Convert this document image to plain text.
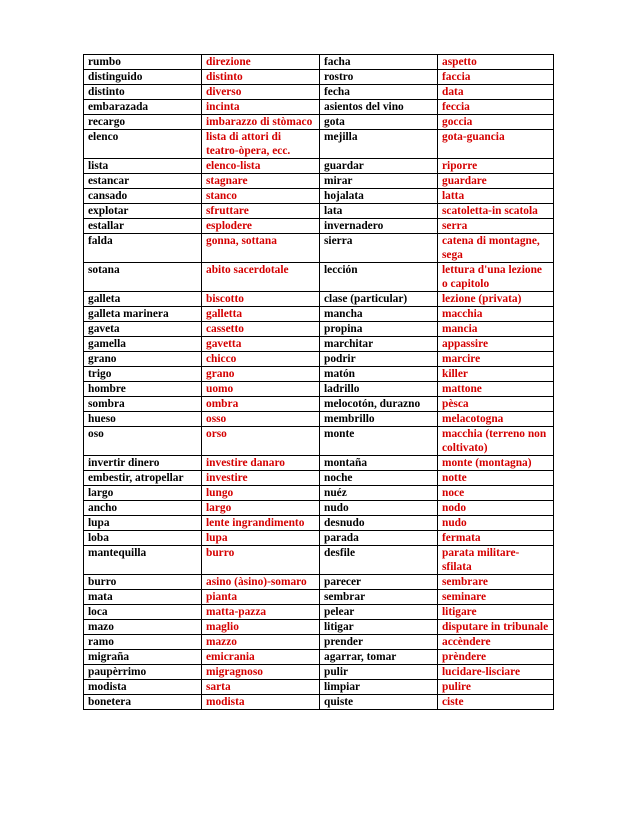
rumbo	direzione	facha	aspetto
distinguido	distinto	rostro	faccia
distinto	diverso	fecha	data
embarazada	incinta	asientos del vino	feccia
recargo	imbarazzo di stòmaco	gota	goccia
elenco	lista di attori di teatro-òpera, ecc.	mejilla	gota-guancia
lista	elenco-lista	guardar	riporre
estancar	stagnare	mirar	guardare
cansado	stanco	hojalata	latta
explotar	sfruttare	lata	scatoletta-in scatola
estallar	esplodere	invernadero	serra
falda	gonna, sottana	sierra	catena di montagne, sega
sotana	abito sacerdotale	lección	lettura d'una lezione o capitolo
galleta	biscotto	clase (particular)	lezione (privata)
galleta marinera	galletta	mancha	macchia
gaveta	cassetto	propina	mancia
gamella	gavetta	marchitar	appassire
grano	chicco	podrir	marcire
trigo	grano	matón	killer
hombre	uomo	ladrillo	mattone
sombra	ombra	melocotón, durazno	pèsca
hueso	osso	membrillo	melacotogna
oso	orso	monte	macchia (terreno non coltivato)
invertir dinero	investire danaro	montaña	monte (montagna)
embestir, atropellar	investire	noche	notte
largo	lungo	nuéz	noce
ancho	largo	nudo	nodo
lupa	lente ingrandimento	desnudo	nudo
loba	lupa	parada	fermata
mantequilla	burro	desfile	parata militare-sfilata
burro	asino (àsino)-somaro	parecer	sembrare
mata	pianta	sembrar	seminare
loca	matta-pazza	pelear	litigare
mazo	maglio	litigar	disputare in tribunale
ramo	mazzo	prender	accèndere
migraña	emicrania	agarrar, tomar	prèndere
paupèrrimo	migragnoso	pulir	lucidare-lisciare
modista	sarta	limpiar	pulire
bonetera	modista	quiste	ciste
